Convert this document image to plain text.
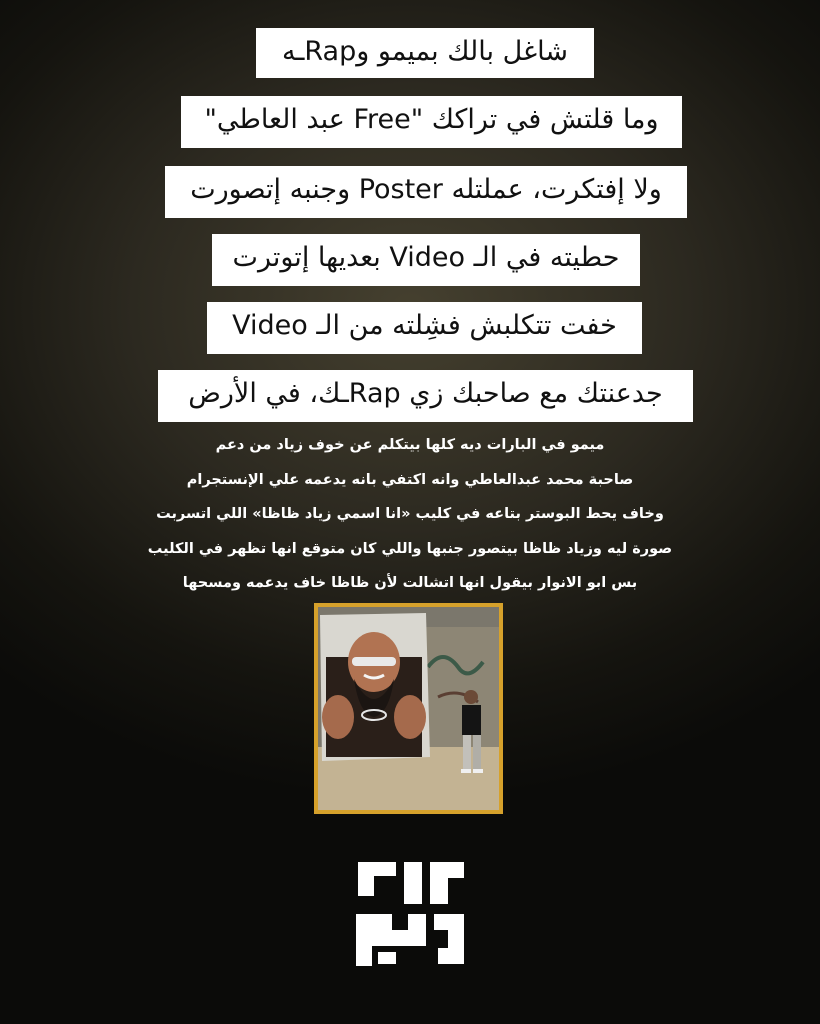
شاغل بالك بميمو وRapـه
وما قلتش في تراكك "Free عبد العاطي"
ولا إفتكرت، عملتله Poster وجنبه إتصورت
حطيته في الـ Video بعديها إتوترت
خفت تتكلبش فشِلته من الـ Video
جدعنتك مع صاحبك زي Rapـك، في الأرض
ميمو في البارات ديه كلها بيتكلم عن خوف زياد من دعم
صاحبة محمد عبدالعاطي وانه اكتفي بانه يدعمه علي الإنستجرام
وخاف يحط البوستر بتاعه في كليب «انا اسمي زياد ظاظا» اللي اتسربت
صورة ليه وزياد ظاظا بيتصور جنبها واللي كان متوقع انها تظهر في الكليب
بس ابو الانوار بيقول انها اتشالت لأن ظاظا خاف يدعمه ومسحها
